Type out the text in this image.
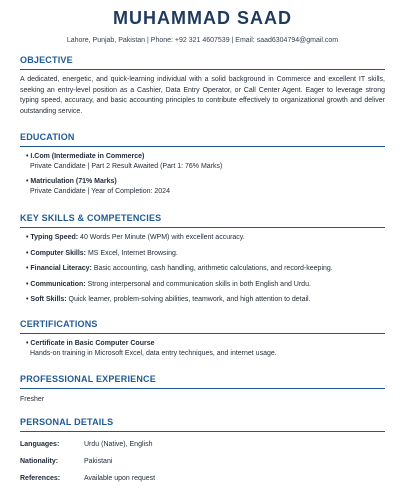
MUHAMMAD SAAD
Lahore, Punjab, Pakistan | Phone: +92 321 4607539 | Email: saad6304794@gmail.com
OBJECTIVE
A dedicated, energetic, and quick-learning individual with a solid background in Commerce and excellent IT skills, seeking an entry-level position as a Cashier, Data Entry Operator, or Call Center Agent. Eager to leverage strong typing speed, accuracy, and basic accounting principles to contribute effectively to organizational growth and deliver outstanding service.
EDUCATION
• I.Com (Intermediate in Commerce)
Private Candidate | Part 2 Result Awaited (Part 1: 76% Marks)
• Matriculation (71% Marks)
Private Candidate | Year of Completion: 2024
KEY SKILLS & COMPETENCIES
• Typing Speed: 40 Words Per Minute (WPM) with excellent accuracy.
• Computer Skills: MS Excel, Internet Browsing.
• Financial Literacy: Basic accounting, cash handling, arithmetic calculations, and record-keeping.
• Communication: Strong interpersonal and communication skills in both English and Urdu.
• Soft Skills: Quick learner, problem-solving abilities, teamwork, and high attention to detail.
CERTIFICATIONS
• Certificate in Basic Computer Course
Hands-on training in Microsoft Excel, data entry techniques, and internet usage.
PROFESSIONAL EXPERIENCE
Fresher
PERSONAL DETAILS
Languages:	Urdu (Native), English
Nationality:	Pakistani
References:	Available upon request
